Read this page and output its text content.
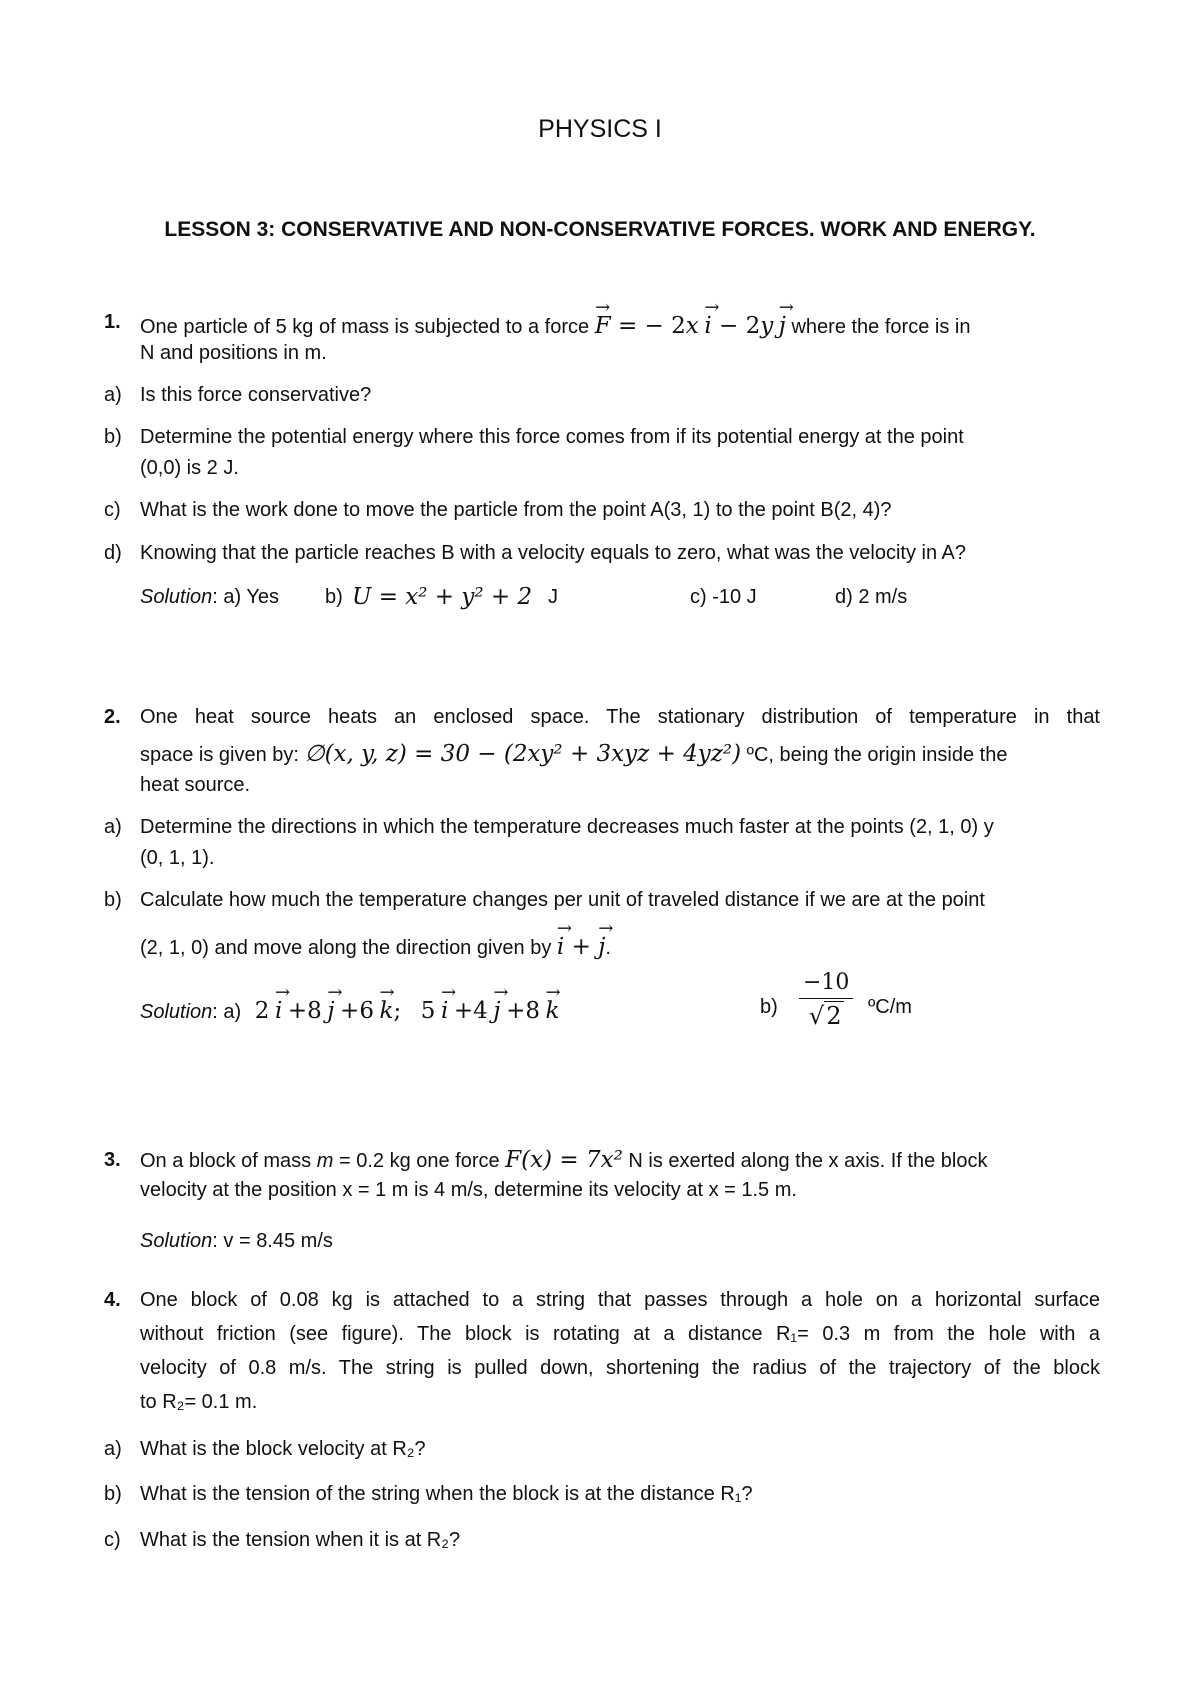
PHYSICS I
LESSON 3: CONSERVATIVE AND NON-CONSERVATIVE FORCES. WORK AND ENERGY.
1. One particle of 5 kg of mass is subjected to a force → F = − 2x → i − 2y → j where the force is in
N and positions in m.
a) Is this force conservative?
b) Determine the potential energy where this force comes from if its potential energy at the point
(0,0) is 2 J.
c) What is the work done to move the particle from the point A(3, 1) to the point B(2, 4)?
d) Knowing that the particle reaches B with a velocity equals to zero, what was the velocity in A?
Solution: a) Yes b) U = x² + y² + 2 J	c) -10 J	d) 2 m/s
2. One heat source heats an enclosed space. The stationary distribution of temperature in that
space is given by: ∅(x, y, z) = 30 − (2xy² + 3xyz + 4yz²) ºC, being the origin inside the
heat source.
a) Determine the directions in which the temperature decreases much faster at the points (2, 1, 0) y
(0, 1, 1).
b) Calculate how much the temperature changes per unit of traveled distance if we are at the point
(2, 1, 0) and move along the direction given by → i + → j.
Solution: a) 2 → i +8 → j +6 → k; 5 → i +4 → j +8 → k	$b) \frac{-10}{√2}$ ºC/m
3. On a block of mass m = 0.2 kg one force F(x) = 7x² N is exerted along the x axis. If the block
velocity at the position x = 1 m is 4 m/s, determine its velocity at x = 1.5 m.
Solution: v = 8.45 m/s
4. One block of 0.08 kg is attached to a string that passes through a hole on a horizontal surface
without friction (see figure). The block is rotating at a distance R₁= 0.3 m from the hole with a
velocity of 0.8 m/s. The string is pulled down, shortening the radius of the trajectory of the block
to R₂= 0.1 m.
a) What is the block velocity at R₂?
b) What is the tension of the string when the block is at the distance R₁?
c) What is the tension when it is at R₂?
